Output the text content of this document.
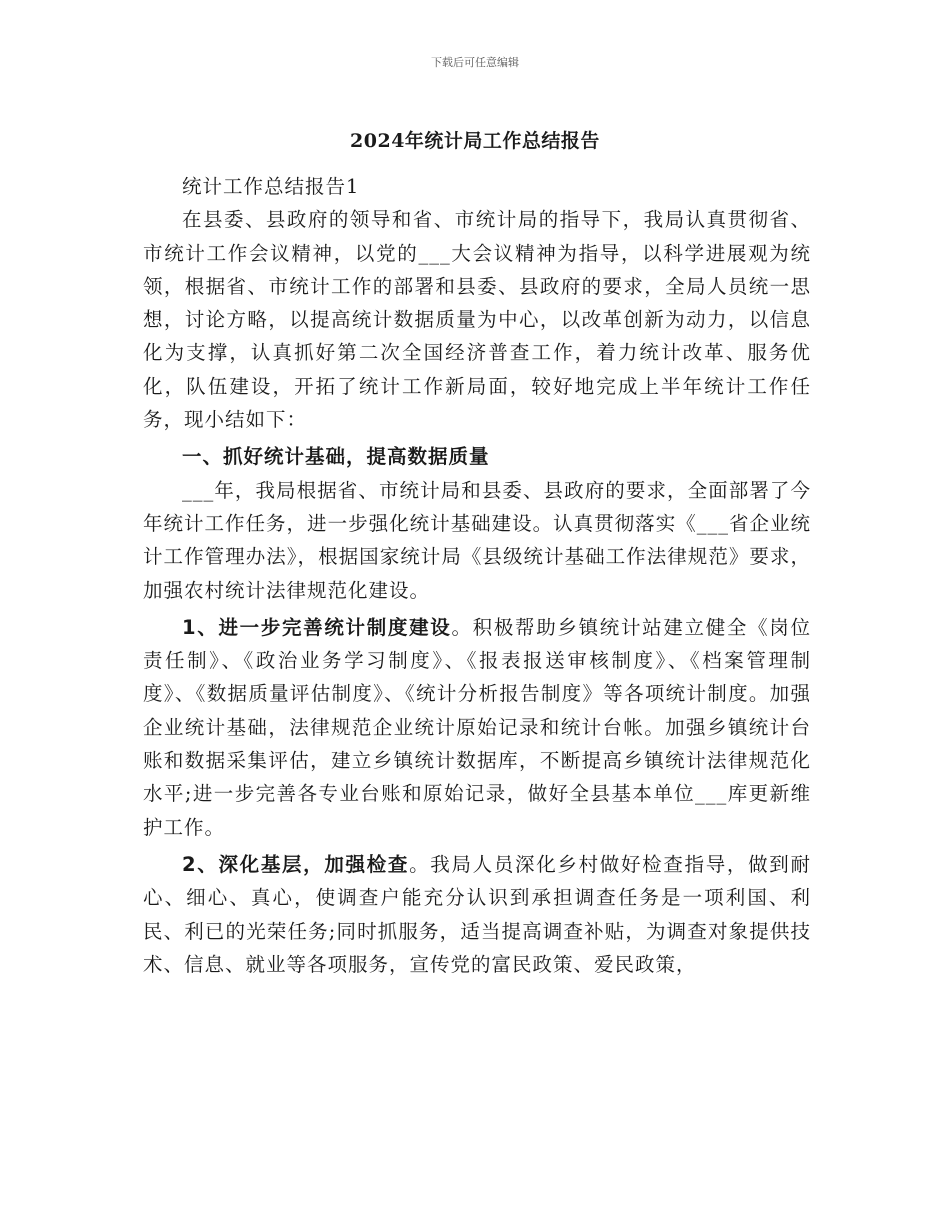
下载后可任意编辑
2024年统计局工作总结报告

统计工作总结报告1

在县委、县政府的领导和省、市统计局的指导下，我局认真贯彻省、市统计工作会议精神，以党的___大会议精神为指导，以科学进展观为统领，根据省、市统计工作的部署和县委、县政府的要求，全局人员统一思想，讨论方略，以提高统计数据质量为中心，以改革创新为动力，以信息化为支撑，认真抓好第二次全国经济普查工作，着力统计改革、服务优化，队伍建设，开拓了统计工作新局面，较好地完成上半年统计工作任务，现小结如下：

一、抓好统计基础，提高数据质量

___年，我局根据省、市统计局和县委、县政府的要求，全面部署了今年统计工作任务，进一步强化统计基础建设。认真贯彻落实《___省企业统计工作管理办法》，根据国家统计局《县级统计基础工作法律规范》要求，加强农村统计法律规范化建设。

1、进一步完善统计制度建设。积极帮助乡镇统计站建立健全《岗位责任制》、《政治业务学习制度》、《报表报送审核制度》、《档案管理制度》、《数据质量评估制度》、《统计分析报告制度》等各项统计制度。加强企业统计基础，法律规范企业统计原始记录和统计台帐。加强乡镇统计台账和数据采集评估，建立乡镇统计数据库，不断提高乡镇统计法律规范化水平;进一步完善各专业台账和原始记录，做好全县基本单位___库更新维护工作。

2、深化基层，加强检查。我局人员深化乡村做好检查指导，做到耐心、细心、真心，使调查户能充分认识到承担调查任务是一项利国、利民、利已的光荣任务;同时抓服务，适当提高调查补贴，为调查对象提供技术、信息、就业等各项服务，宣传党的富民政策、爱民政策，
